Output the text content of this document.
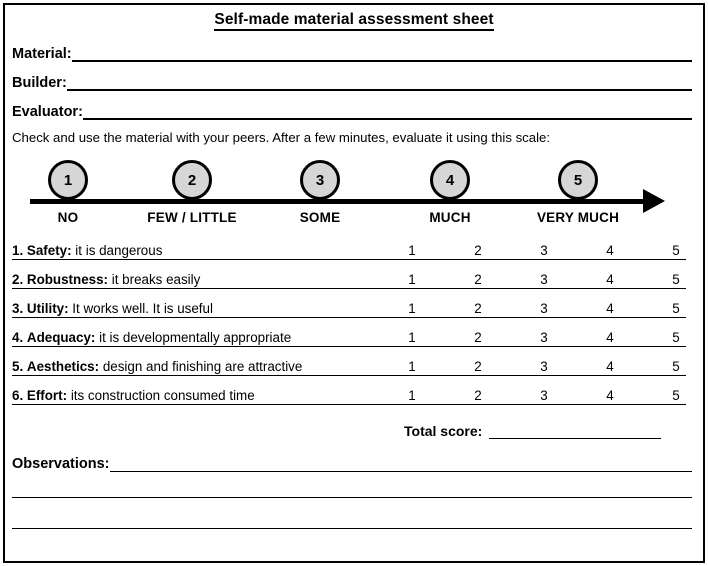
Self-made material assessment sheet
Material:
Builder:
Evaluator:
Check and use the material with your peers. After a few minutes, evaluate it using this scale:
1	2	3	4	5
NO	FEW / LITTLE	SOME	MUCH	VERY MUCH
1. Safety: it is dangerous	1	2	3	4	5
2. Robustness: it breaks easily	1	2	3	4	5
3. Utility: It works well. It is useful	1	2	3	4	5
4. Adequacy: it is developmentally appropriate	1	2	3	4	5
5. Aesthetics: design and finishing are attractive	1	2	3	4	5
6. Effort: its construction consumed time	1	2	3	4	5
Total score:
Observations:
